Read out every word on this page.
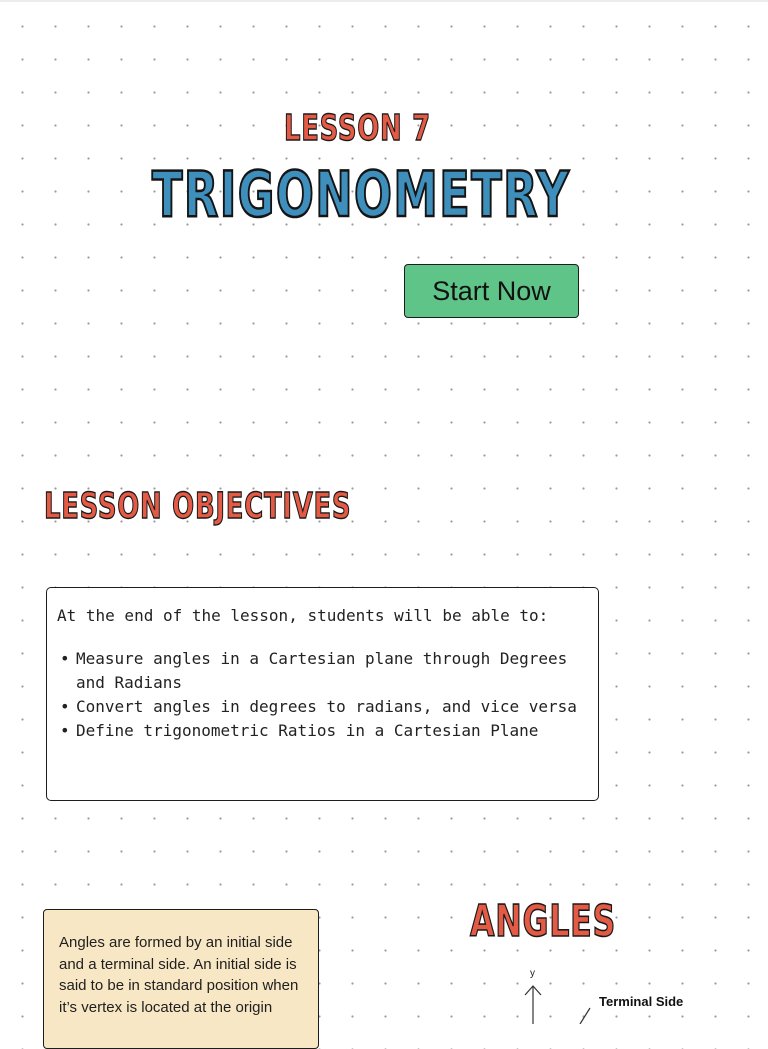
LESSON 7
TRIGONOMETRY
Start Now
LESSON OBJECTIVES

At the end of the lesson, students will be able to:

• Measure angles in a Cartesian plane through Degrees and Radians
• Convert angles in degrees to radians, and vice versa
• Define trigonometric Ratios in a Cartesian Plane
Angles are formed by an initial side and a terminal side. An initial side is said to be in standard position when it’s vertex is located at the origin
ANGLES
y
Terminal Side
